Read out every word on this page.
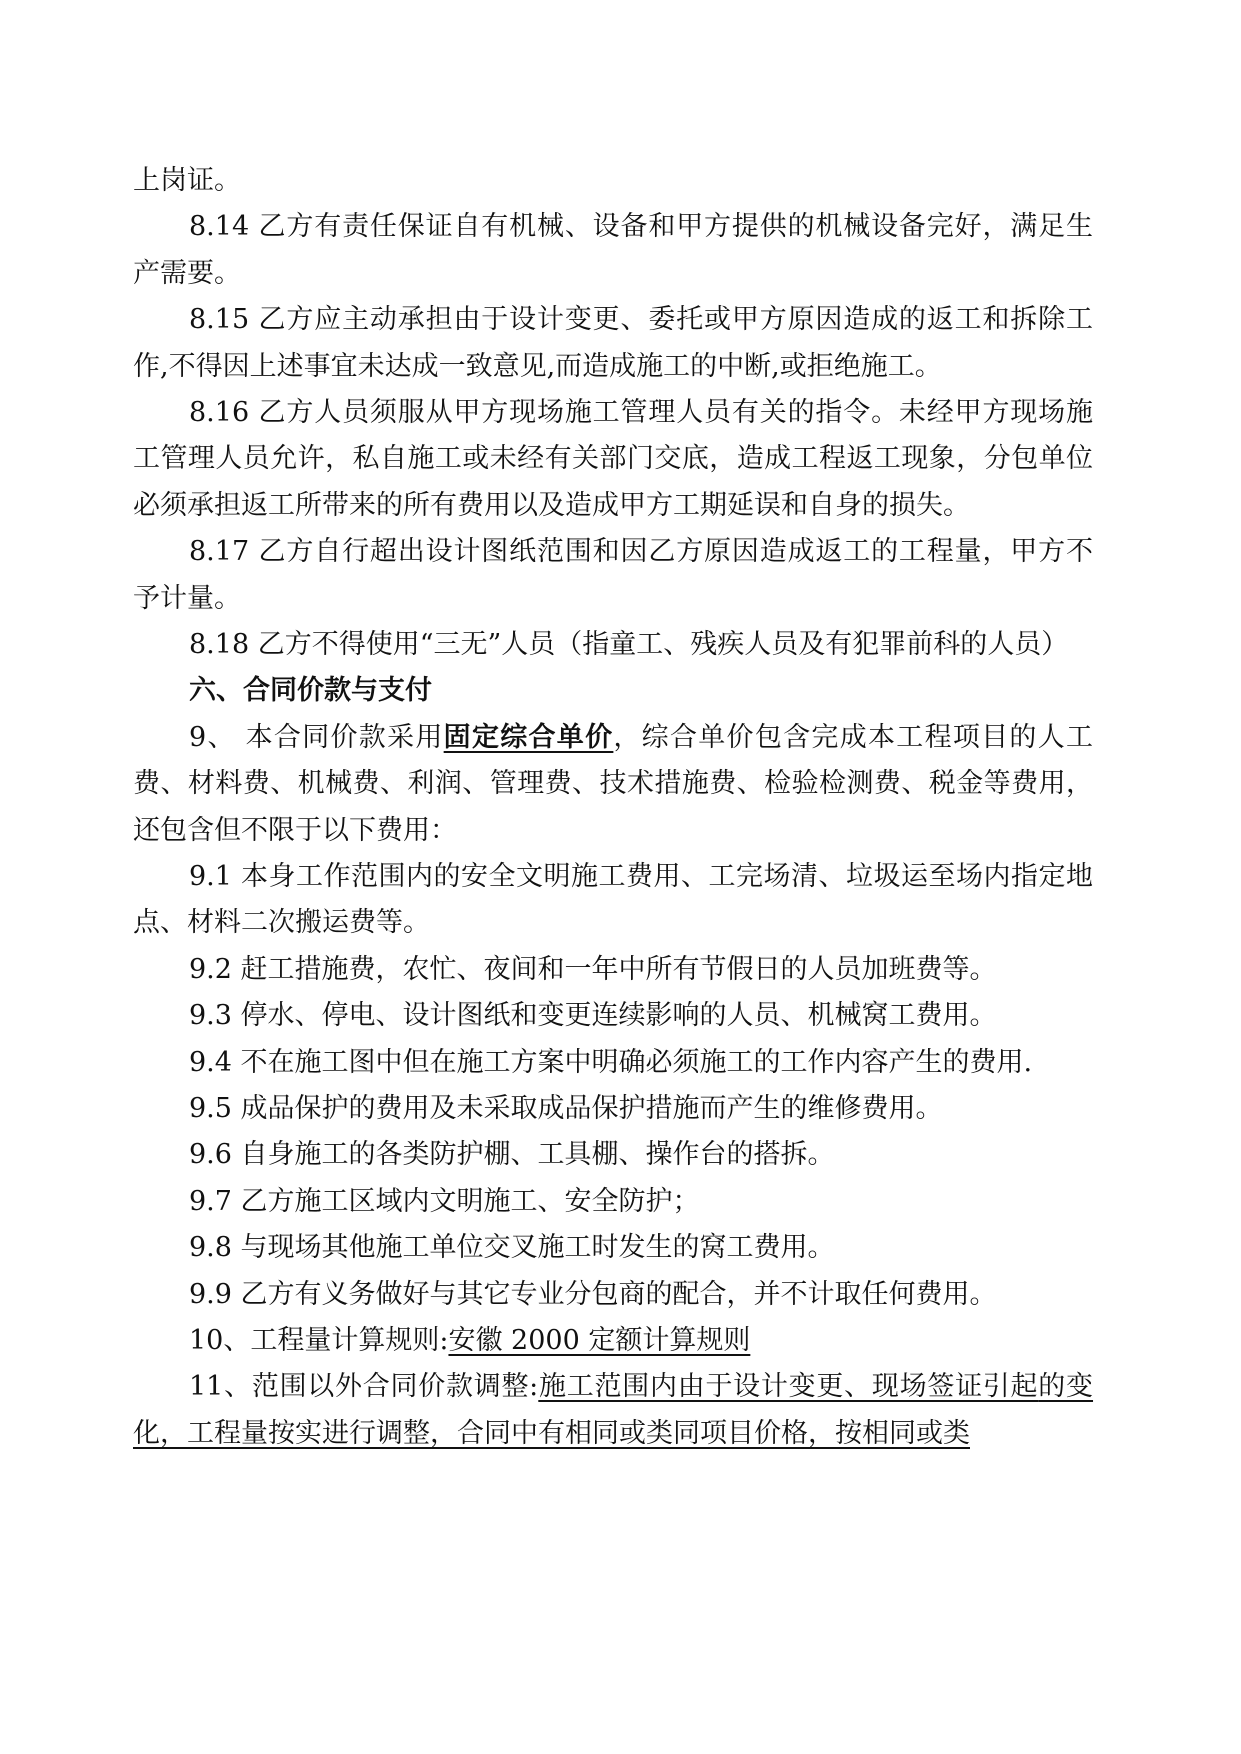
上岗证。

8.14 乙方有责任保证自有机械、设备和甲方提供的机械设备完好，满足生产需要。

8.15 乙方应主动承担由于设计变更、委托或甲方原因造成的返工和拆除工作,不得因上述事宜未达成一致意见,而造成施工的中断,或拒绝施工。

8.16 乙方人员须服从甲方现场施工管理人员有关的指令。未经甲方现场施工管理人员允许，私自施工或未经有关部门交底，造成工程返工现象，分包单位必须承担返工所带来的所有费用以及造成甲方工期延误和自身的损失。

8.17 乙方自行超出设计图纸范围和因乙方原因造成返工的工程量，甲方不予计量。

8.18 乙方不得使用“三无”人员（指童工、残疾人员及有犯罪前科的人员）

六、合同价款与支付

9、 本合同价款采用固定综合单价，综合单价包含完成本工程项目的人工费、材料费、机械费、利润、管理费、技术措施费、检验检测费、税金等费用，还包含但不限于以下费用：

9.1 本身工作范围内的安全文明施工费用、工完场清、垃圾运至场内指定地点、材料二次搬运费等。

9.2 赶工措施费，农忙、夜间和一年中所有节假日的人员加班费等。
9.3 停水、停电、设计图纸和变更连续影响的人员、机械窝工费用。

9.4 不在施工图中但在施工方案中明确必须施工的工作内容产生的费用.

9.5 成品保护的费用及未采取成品保护措施而产生的维修费用。
9.6 自身施工的各类防护棚、工具棚、操作台的搭拆。
9.7 乙方施工区域内文明施工、安全防护；
9.8 与现场其他施工单位交叉施工时发生的窝工费用。
9.9 乙方有义务做好与其它专业分包商的配合，并不计取任何费用。
10、工程量计算规则:安徽 2000 定额计算规则

11、范围以外合同价款调整:施工范围内由于设计变更、现场签证引起的变化，工程量按实进行调整，合同中有相同或类同项目价格，按相同或类
